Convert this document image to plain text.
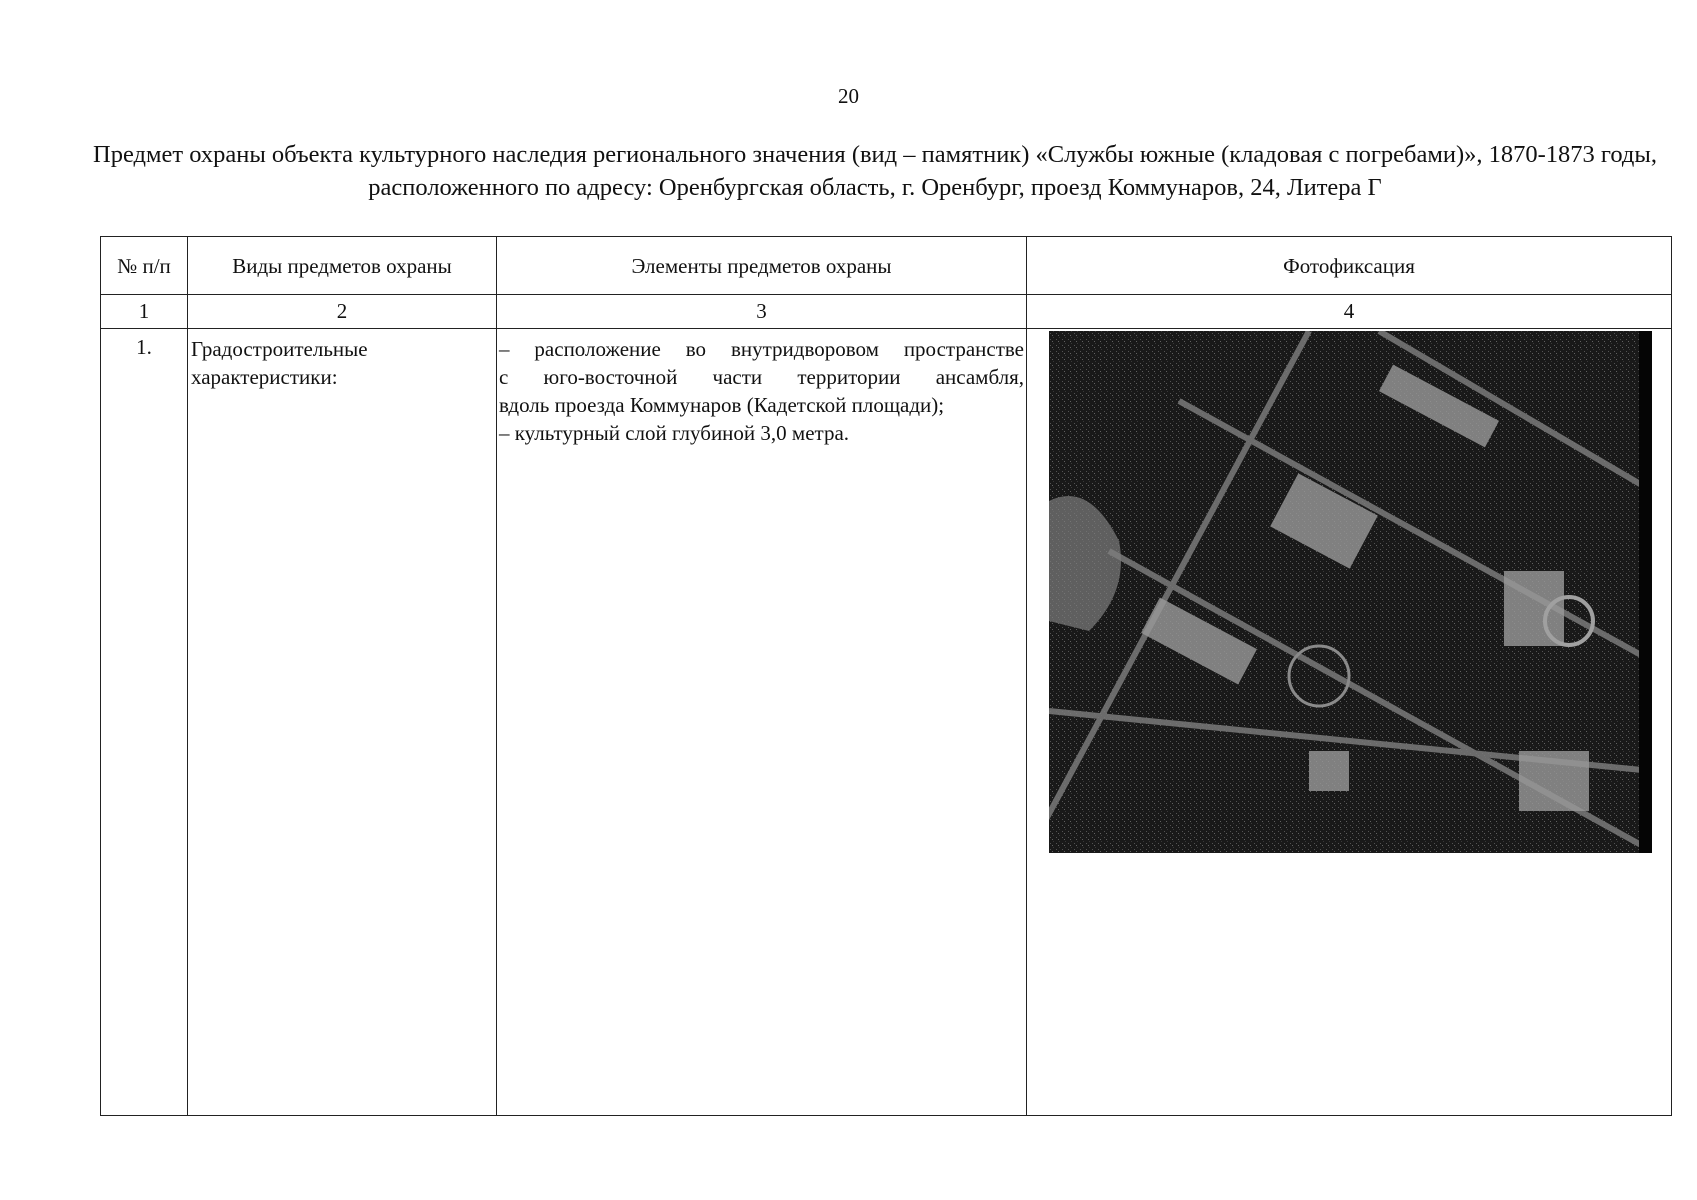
20
Предмет охраны объекта культурного наследия регионального значения (вид – памятник) «Службы южные (кладовая с погребами)», 1870-1873 годы, расположенного по адресу: Оренбургская область, г. Оренбург, проезд Коммунаров, 24, Литера Г
№ п/п	Виды предметов охраны	Элементы предметов охраны	Фотофиксация
1	2	3	4
1.	Градостроительные характеристики:	– расположение во внутридворовом пространстве
с юго-восточной части территории ансамбля,
вдоль проезда Коммунаров (Кадетской площади);
– культурный слой глубиной 3,0 метра.
